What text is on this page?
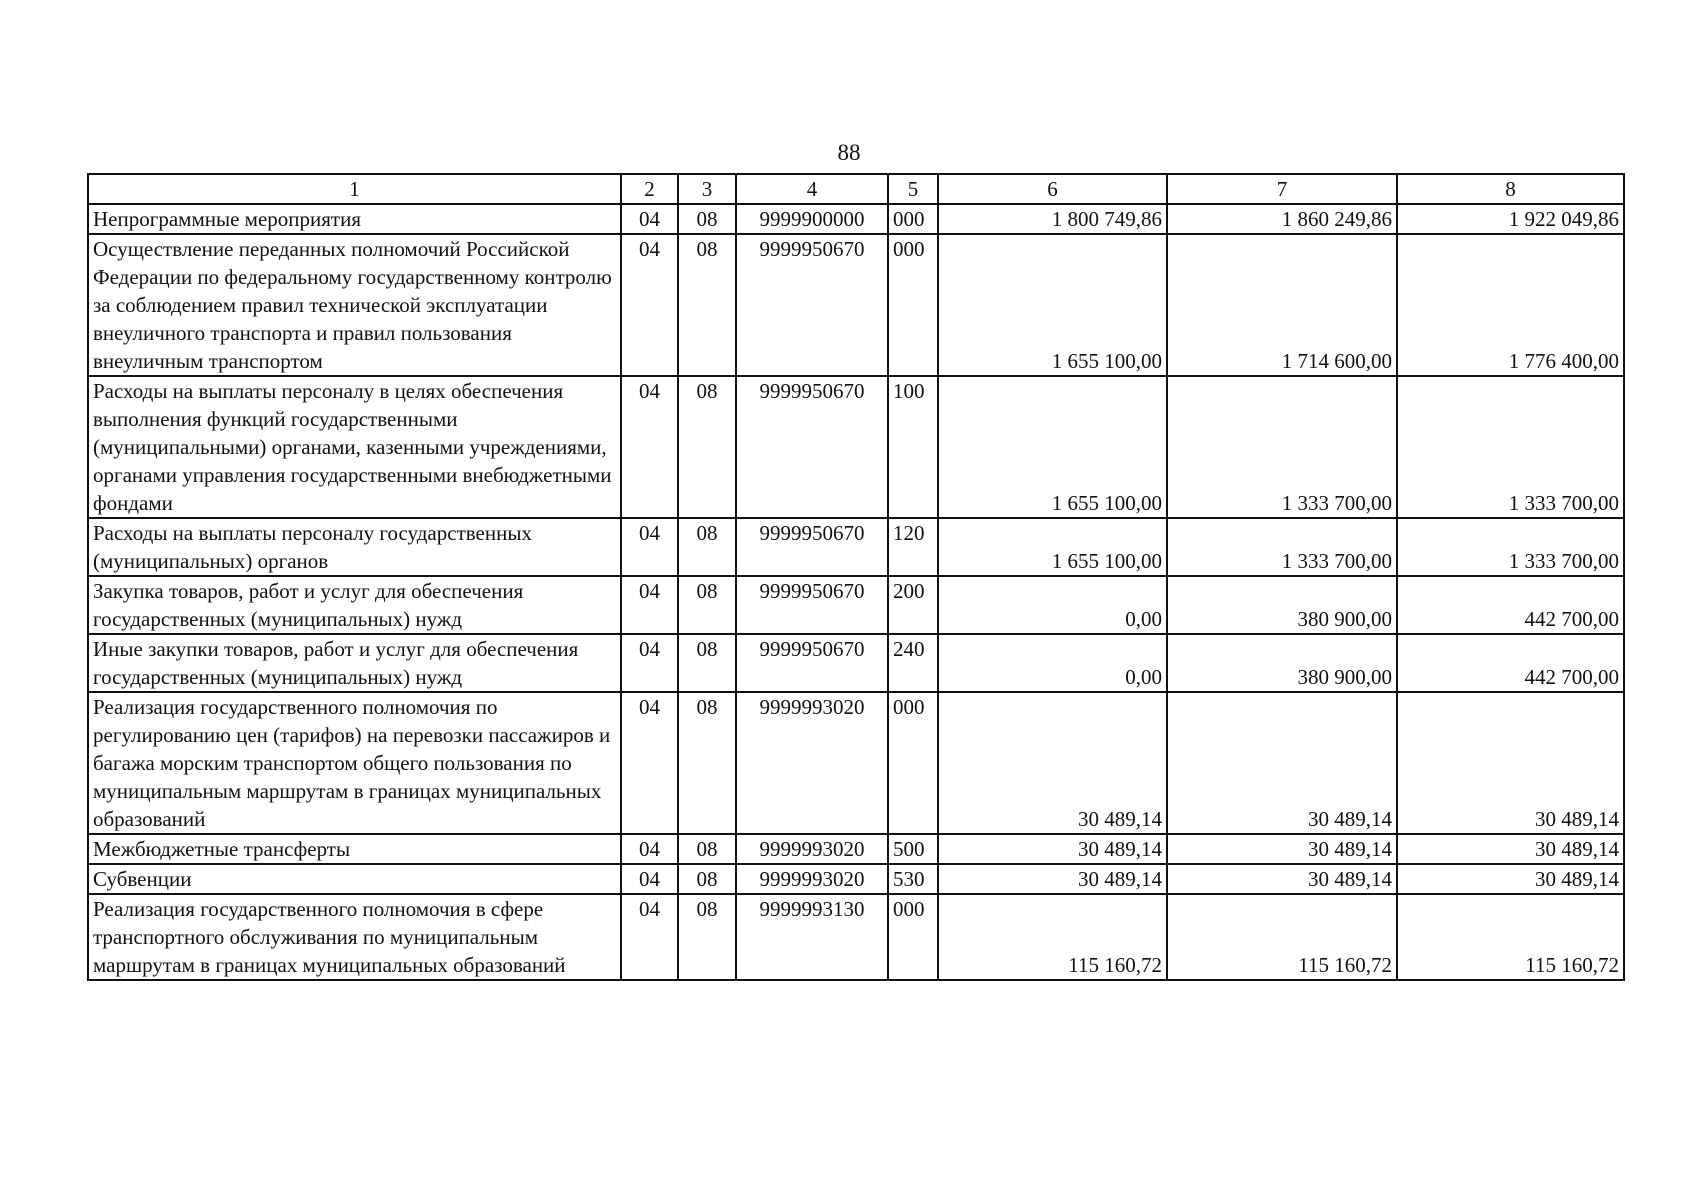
88
1	2	3	4	5	6	7	8
Непрограммные мероприятия	04	08	9999900000	000	1 800 749,86	1 860 249,86	1 922 049,86
Осуществление переданных полномочий Российской Федерации по федеральному государственному контролю за соблюдением правил технической эксплуатации внеуличного транспорта и правил пользования внеуличным транспортом	04	08	9999950670	000	1 655 100,00	1 714 600,00	1 776 400,00
Расходы на выплаты персоналу в целях обеспечения выполнения функций государственными (муниципальными) органами, казенными учреждениями, органами управления государственными внебюджетными фондами	04	08	9999950670	100	1 655 100,00	1 333 700,00	1 333 700,00
Расходы на выплаты персоналу государственных (муниципальных) органов	04	08	9999950670	120	1 655 100,00	1 333 700,00	1 333 700,00
Закупка товаров, работ и услуг для обеспечения государственных (муниципальных) нужд	04	08	9999950670	200	0,00	380 900,00	442 700,00
Иные закупки товаров, работ и услуг для обеспечения государственных (муниципальных) нужд	04	08	9999950670	240	0,00	380 900,00	442 700,00
Реализация государственного полномочия по регулированию цен (тарифов) на перевозки пассажиров и багажа морским транспортом общего пользования по муниципальным маршрутам в границах муниципальных образований	04	08	9999993020	000	30 489,14	30 489,14	30 489,14
Межбюджетные трансферты	04	08	9999993020	500	30 489,14	30 489,14	30 489,14
Субвенции	04	08	9999993020	530	30 489,14	30 489,14	30 489,14
Реализация государственного полномочия в сфере транспортного обслуживания по муниципальным маршрутам в границах муниципальных образований	04	08	9999993130	000	115 160,72	115 160,72	115 160,72
